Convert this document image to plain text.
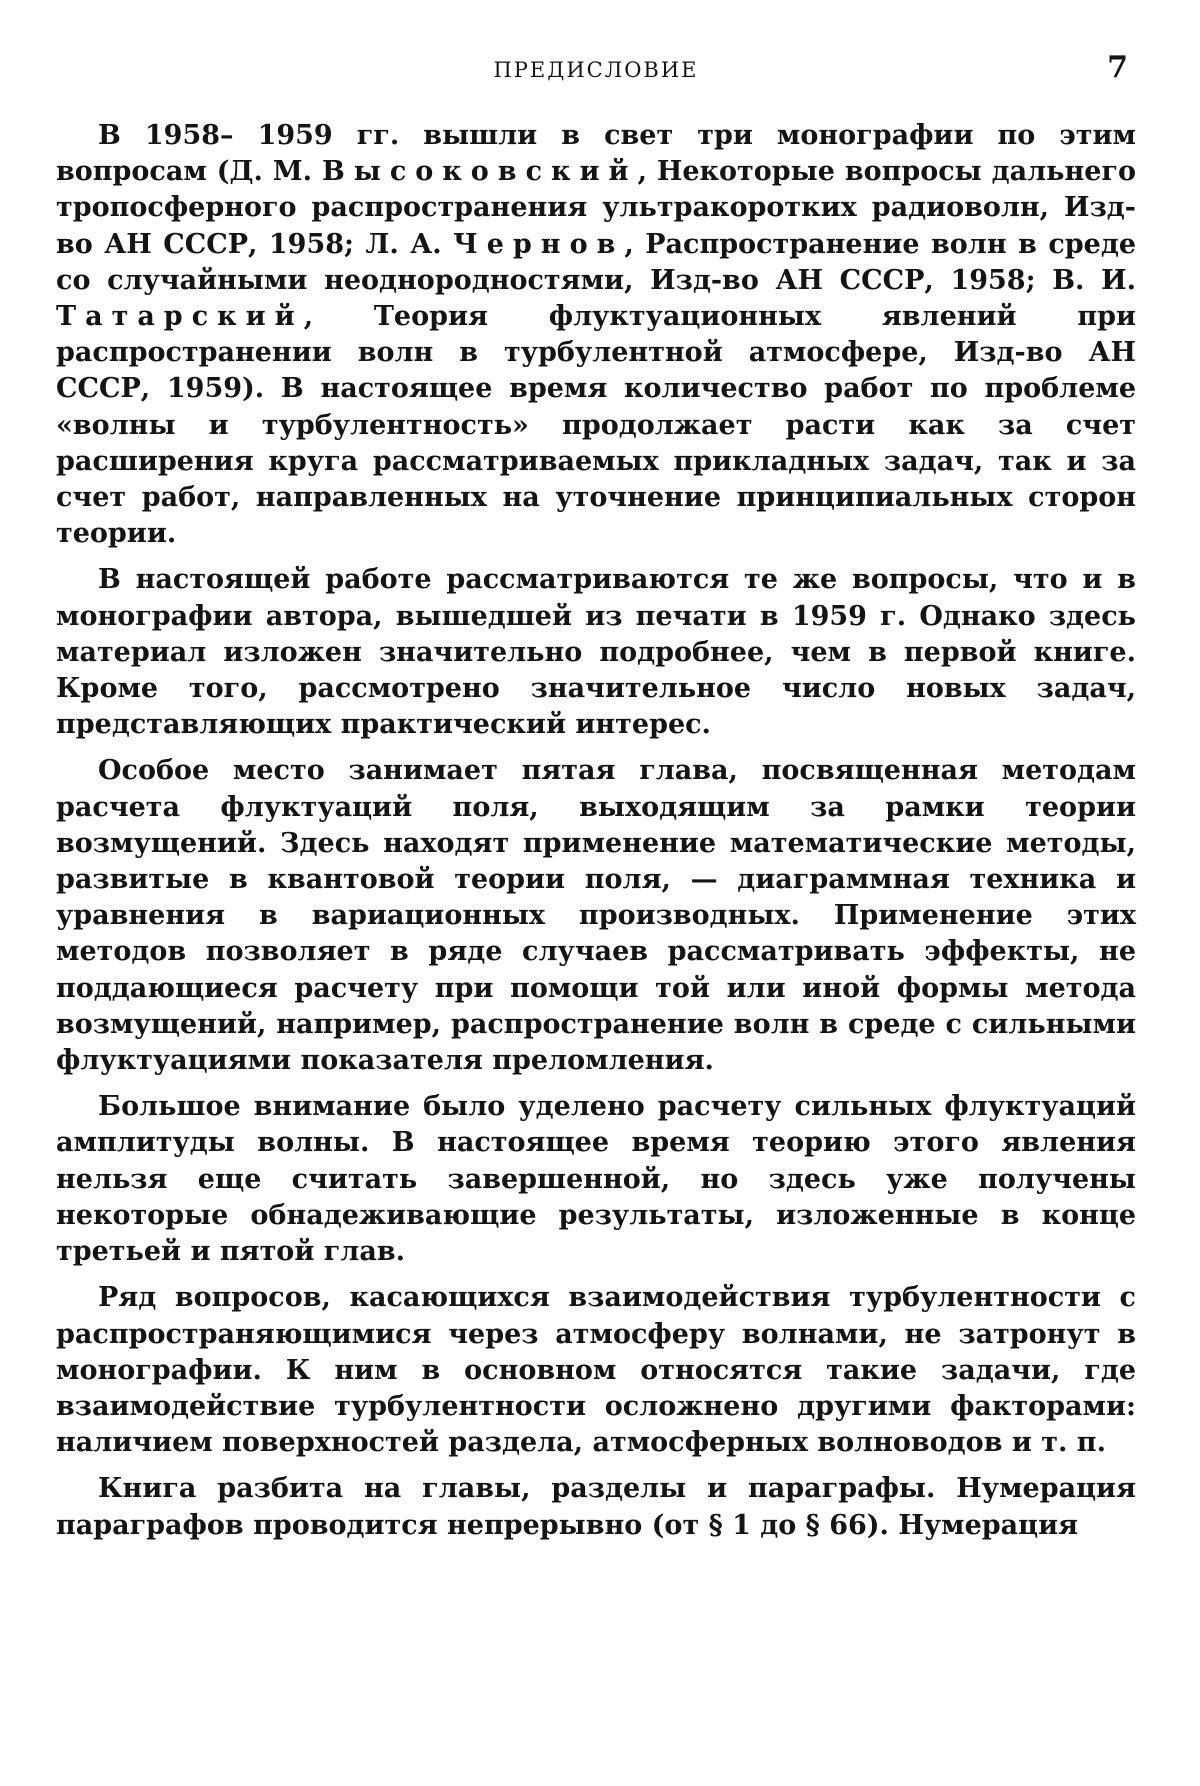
ПРЕДИСЛОВИЕ	7

В 1958– 1959 гг. вышли в свет три монографии по этим вопросам (Д. М. Высоковский, Некоторые вопросы дальнего тропосферного распространения ультракоротких радиоволн, Изд-во АН СССР, 1958; Л. А. Чернов, Распространение волн в среде со случайными неоднородностями, Изд-во АН СССР, 1958; В. И. Татарский, Теория флуктуационных явлений при распространении волн в турбулентной атмосфере, Изд-во АН СССР, 1959). В настоящее время количество работ по проблеме «волны и турбулентность» продолжает расти как за счет расширения круга рассматриваемых прикладных задач, так и за счет работ, направленных на уточнение принципиальных сторон теории.

В настоящей работе рассматриваются те же вопросы, что и в монографии автора, вышедшей из печати в 1959 г. Однако здесь материал изложен значительно подробнее, чем в первой книге. Кроме того, рассмотрено значительное число новых задач, представляющих практический интерес.

Особое место занимает пятая глава, посвященная методам расчета флуктуаций поля, выходящим за рамки теории возмущений. Здесь находят применение математические методы, развитые в квантовой теории поля, — диаграммная техника и уравнения в вариационных производных. Применение этих методов позволяет в ряде случаев рассматривать эффекты, не поддающиеся расчету при помощи той или иной формы метода возмущений, например, распространение волн в среде с сильными флуктуациями показателя преломления.

Большое внимание было уделено расчету сильных флуктуаций амплитуды волны. В настоящее время теорию этого явления нельзя еще считать завершенной, но здесь уже получены некоторые обнадеживающие результаты, изложенные в конце третьей и пятой глав.

Ряд вопросов, касающихся взаимодействия турбулентности с распространяющимися через атмосферу волнами, не затронут в монографии. К ним в основном относятся такие задачи, где взаимодействие турбулентности осложнено другими факторами: наличием поверхностей раздела, атмосферных волноводов и т. п.

Книга разбита на главы, разделы и параграфы. Нумерация параграфов проводится непрерывно (от § 1 до § 66). Нумерация
